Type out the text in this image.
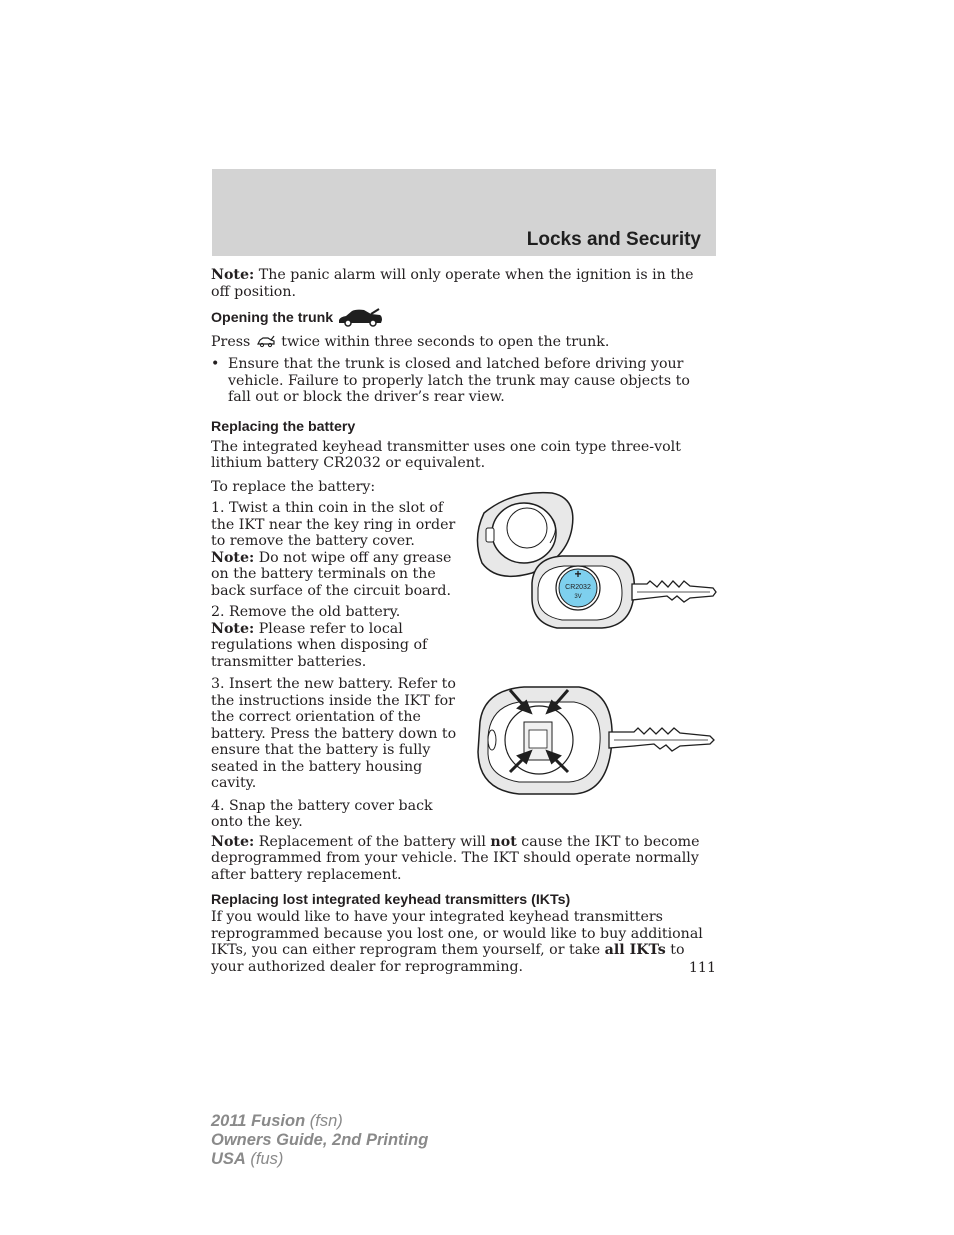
Locks and Security

Note: The panic alarm will only operate when the ignition is in the off position.

Opening the trunk

Press  twice within three seconds to open the trunk.

• Ensure that the trunk is closed and latched before driving your vehicle. Failure to properly latch the trunk may cause objects to fall out or block the driver’s rear view.
Replacing the battery

The integrated keyhead transmitter uses one coin type three-volt lithium battery CR2032 or equivalent.

To replace the battery:

1. Twist a thin coin in the slot of the IKT near the key ring in order to remove the battery cover.

Note: Do not wipe off any grease on the battery terminals on the back surface of the circuit board.

2. Remove the old battery.

Note: Please refer to local regulations when disposing of transmitter batteries.

3. Insert the new battery. Refer to the instructions inside the IKT for the correct orientation of the battery. Press the battery down to ensure that the battery is fully seated in the battery housing cavity.

4. Snap the battery cover back onto the key.

Note: Replacement of the battery will not cause the IKT to become deprogrammed from your vehicle. The IKT should operate normally after battery replacement.

Replacing lost integrated keyhead transmitters (IKTs)

If you would like to have your integrated keyhead transmitters reprogrammed because you lost one, or would like to buy additional IKTs, you can either reprogram them yourself, or take all IKTs to your authorized dealer for reprogramming.

+
CR2032
3V
111
2011 Fusion (fsn)
Owners Guide, 2nd Printing
USA (fus)
